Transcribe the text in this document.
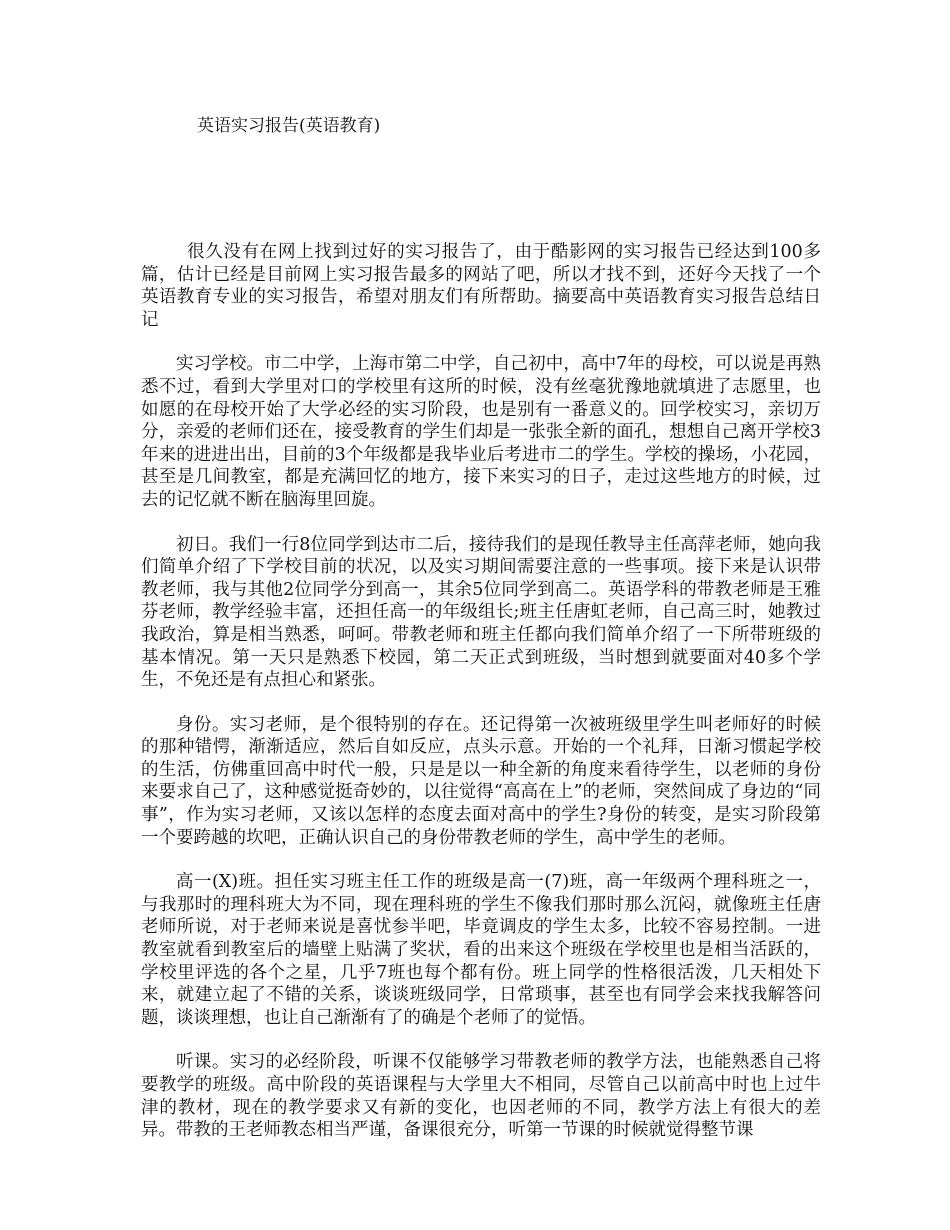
英语实习报告(英语教育)

很久没有在网上找到过好的实习报告了，由于酷影网的实习报告已经达到100多篇，估计已经是目前网上实习报告最多的网站了吧，所以才找不到，还好今天找了一个英语教育专业的实习报告，希望对朋友们有所帮助。摘要高中英语教育实习报告总结日记

实习学校。市二中学，上海市第二中学，自己初中，高中7年的母校，可以说是再熟悉不过，看到大学里对口的学校里有这所的时候，没有丝毫犹豫地就填进了志愿里，也如愿的在母校开始了大学必经的实习阶段，也是别有一番意义的。回学校实习，亲切万分，亲爱的老师们还在，接受教育的学生们却是一张张全新的面孔，想想自己离开学校3年来的进进出出，目前的3个年级都是我毕业后考进市二的学生。学校的操场，小花园，甚至是几间教室，都是充满回忆的地方，接下来实习的日子，走过这些地方的时候，过去的记忆就不断在脑海里回旋。

初日。我们一行8位同学到达市二后，接待我们的是现任教导主任高萍老师，她向我们简单介绍了下学校目前的状况，以及实习期间需要注意的一些事项。接下来是认识带教老师，我与其他2位同学分到高一，其余5位同学到高二。英语学科的带教老师是王雅芬老师，教学经验丰富，还担任高一的年级组长;班主任唐虹老师，自己高三时，她教过我政治，算是相当熟悉，呵呵。带教老师和班主任都向我们简单介绍了一下所带班级的基本情况。第一天只是熟悉下校园，第二天正式到班级，当时想到就要面对40多个学生，不免还是有点担心和紧张。

身份。实习老师，是个很特别的存在。还记得第一次被班级里学生叫老师好的时候的那种错愕，渐渐适应，然后自如反应，点头示意。开始的一个礼拜，日渐习惯起学校的生活，仿佛重回高中时代一般，只是是以一种全新的角度来看待学生，以老师的身份来要求自己了，这种感觉挺奇妙的，以往觉得“高高在上”的老师，突然间成了身边的“同事”，作为实习老师，又该以怎样的态度去面对高中的学生?身份的转变，是实习阶段第一个要跨越的坎吧，正确认识自己的身份带教老师的学生，高中学生的老师。

高一(X)班。担任实习班主任工作的班级是高一(7)班，高一年级两个理科班之一，与我那时的理科班大为不同，现在理科班的学生不像我们那时那么沉闷，就像班主任唐老师所说，对于老师来说是喜忧参半吧，毕竟调皮的学生太多，比较不容易控制。一进教室就看到教室后的墙壁上贴满了奖状，看的出来这个班级在学校里也是相当活跃的，学校里评选的各个之星，几乎7班也每个都有份。班上同学的性格很活泼，几天相处下来，就建立起了不错的关系，谈谈班级同学，日常琐事，甚至也有同学会来找我解答问题，谈谈理想，也让自己渐渐有了的确是个老师了的觉悟。

听课。实习的必经阶段，听课不仅能够学习带教老师的教学方法，也能熟悉自己将要教学的班级。高中阶段的英语课程与大学里大不相同，尽管自己以前高中时也上过牛津的教材，现在的教学要求又有新的变化，也因老师的不同，教学方法上有很大的差异。带教的王老师教态相当严谨，备课很充分，听第一节课的时候就觉得整节课
